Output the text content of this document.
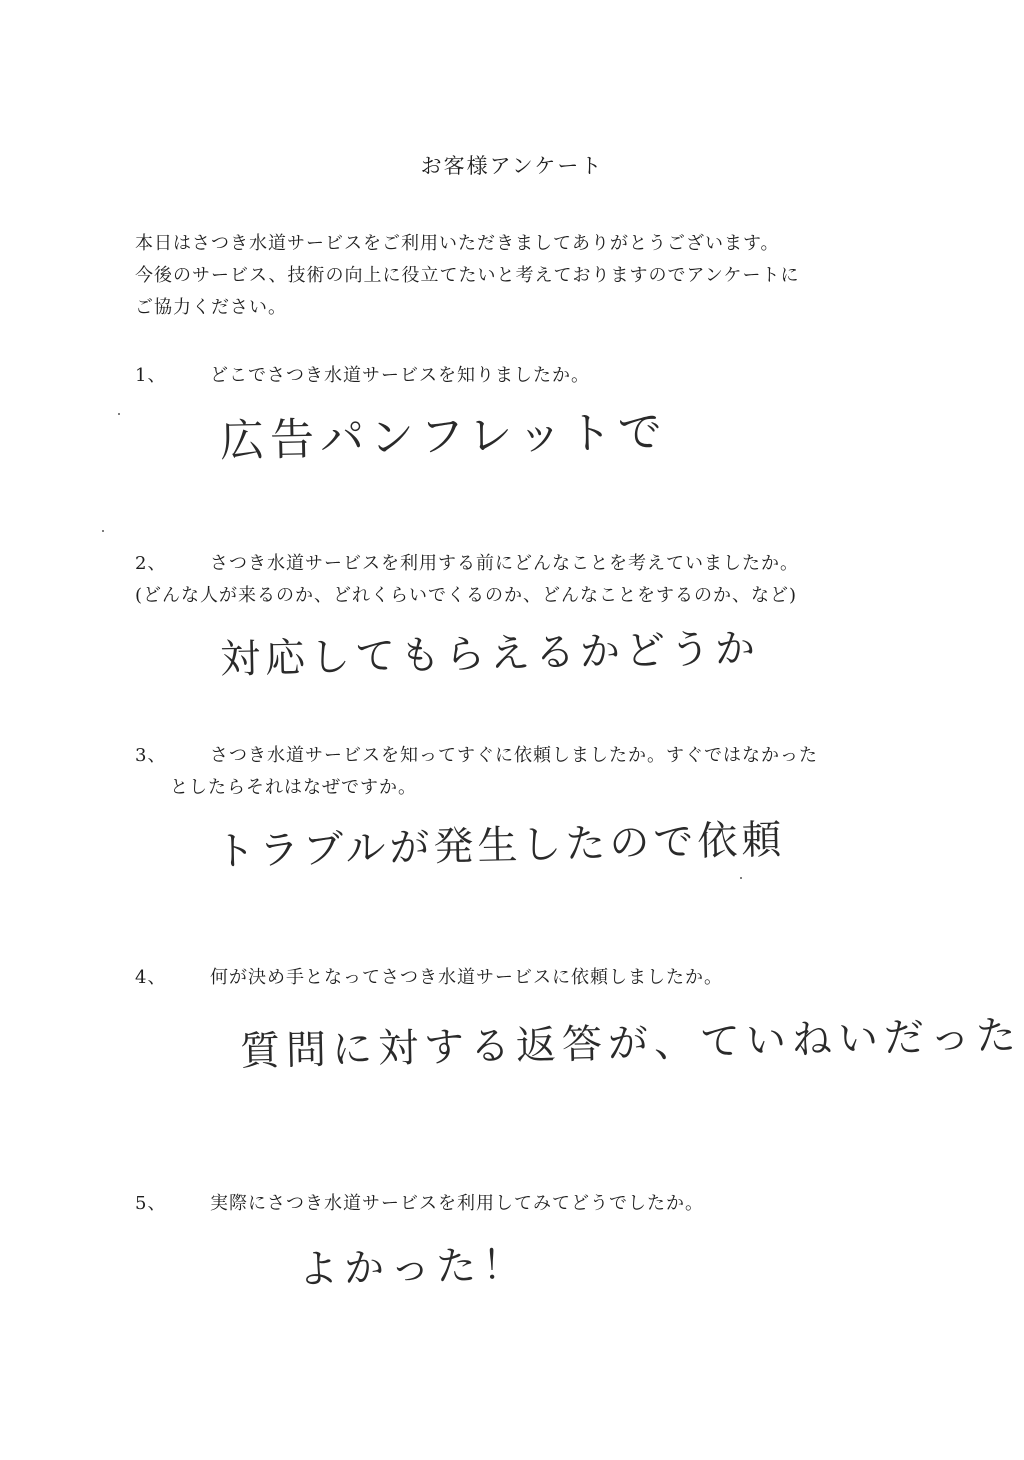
お客様アンケート
本日はさつき水道サービスをご利用いただきましてありがとうございます。
今後のサービス、技術の向上に役立てたいと考えておりますのでアンケートに
ご協力ください。
1、 どこでさつき水道サービスを知りましたか。
広告パンフレットで
2、 さつき水道サービスを利用する前にどんなことを考えていましたか。
(どんな人が来るのか、どれくらいでくるのか、どんなことをするのか、など)
対応してもらえるかどうか
3、 さつき水道サービスを知ってすぐに依頼しましたか。すぐではなかった
としたらそれはなぜですか。
トラブルが発生したので依頼
4、 何が決め手となってさつき水道サービスに依頼しましたか。
質問に対する返答が、ていねいだった
5、 実際にさつき水道サービスを利用してみてどうでしたか。
よかった！
